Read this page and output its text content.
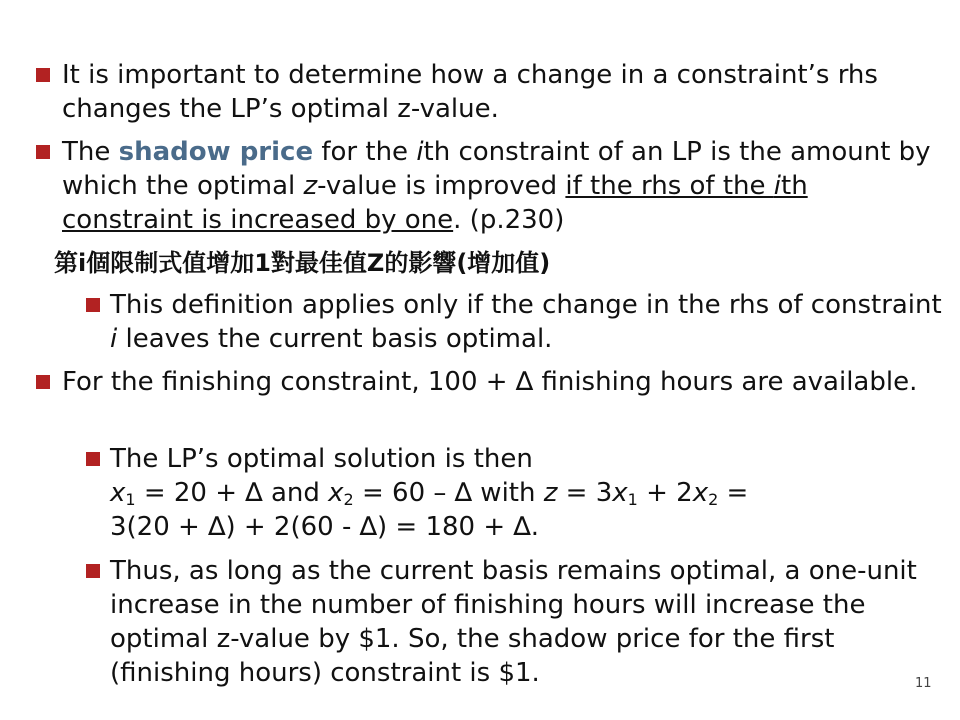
It is important to determine how a change in a constraint’s rhs changes the LP’s optimal z-value.
The shadow price for the ith constraint of an LP is the amount by which the optimal z-value is improved if the rhs of the ith constraint is increased by one. (p.230)
第i個限制式值增加1對最佳值Z的影響(增加值)
This definition applies only if the change in the rhs of constraint i leaves the current basis optimal.
For the finishing constraint, 100 + ∆ finishing hours are available.
The LP’s optimal solution is then
$x_1 = 20$ + ∆ and $x_2 = 60$ – ∆ with $z = 3x_1 + 2x_2$ =
3(20 + ∆) + 2(60 - ∆) = 180 + ∆.
Thus, as long as the current basis remains optimal, a one-unit increase in the number of finishing hours will increase the optimal z-value by $1. So, the shadow price for the first (finishing hours) constraint is $1.	11
